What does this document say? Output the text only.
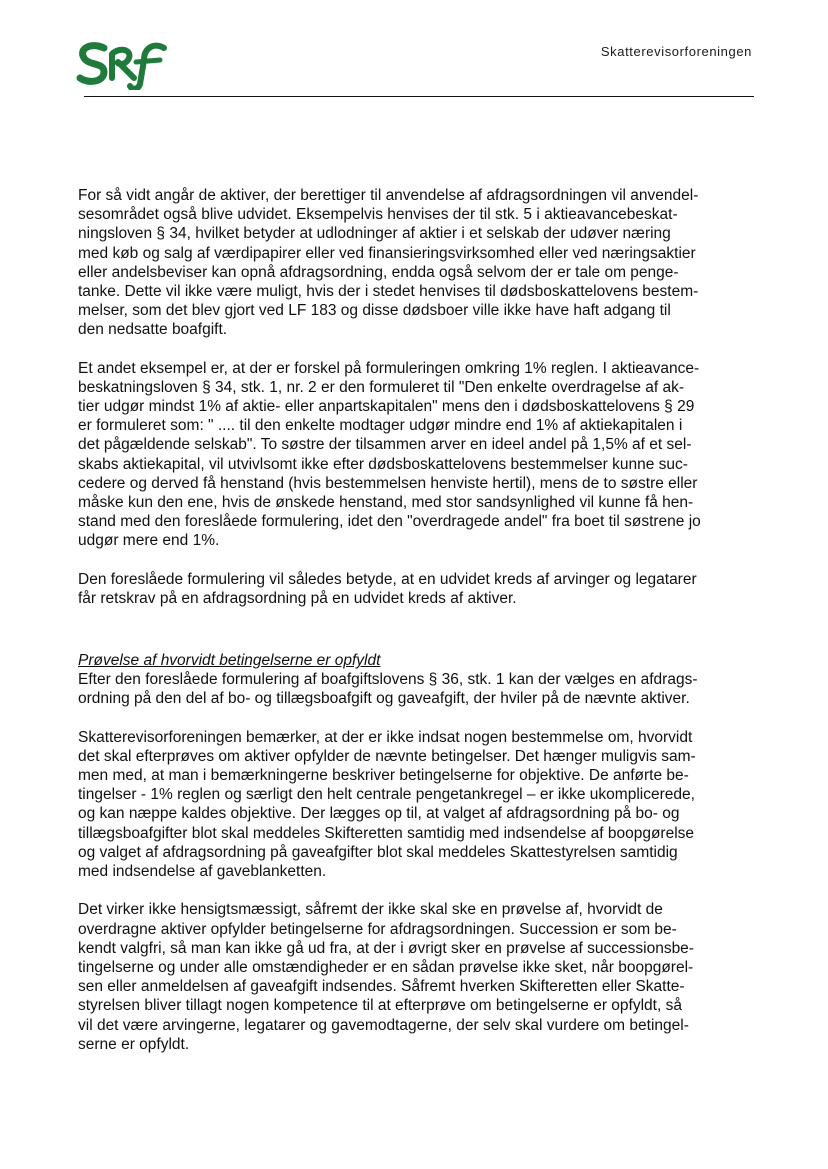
Skatterevisorforeningen

For så vidt angår de aktiver, der berettiger til anvendelse af afdragsordningen vil anvendel-
sesområdet også blive udvidet. Eksempelvis henvises der til stk. 5 i aktieavancebeskat-
ningsloven § 34, hvilket betyder at udlodninger af aktier i et selskab der udøver næring
med køb og salg af værdipapirer eller ved finansieringsvirksomhed eller ved næringsaktier
eller andelsbeviser kan opnå afdragsordning, endda også selvom der er tale om penge-
tanke. Dette vil ikke være muligt, hvis der i stedet henvises til dødsboskattelovens bestem-
melser, som det blev gjort ved LF 183 og disse dødsboer ville ikke have haft adgang til
den nedsatte boafgift.

Et andet eksempel er, at der er forskel på formuleringen omkring 1% reglen. I aktieavance-
beskatningsloven § 34, stk. 1, nr. 2 er den formuleret til "Den enkelte overdragelse af ak-
tier udgør mindst 1% af aktie- eller anpartskapitalen" mens den i dødsboskattelovens § 29
er formuleret som: " .... til den enkelte modtager udgør mindre end 1% af aktiekapitalen i
det pågældende selskab". To søstre der tilsammen arver en ideel andel på 1,5% af et sel-
skabs aktiekapital, vil utvivlsomt ikke efter dødsboskattelovens bestemmelser kunne suc-
cedere og derved få henstand (hvis bestemmelsen henviste hertil), mens de to søstre eller
måske kun den ene, hvis de ønskede henstand, med stor sandsynlighed vil kunne få hen-
stand med den foreslåede formulering, idet den "overdragede andel" fra boet til søstrene jo
udgør mere end 1%.

Den foreslåede formulering vil således betyde, at en udvidet kreds af arvinger og legatarer
får retskrav på en afdragsordning på en udvidet kreds af aktiver.

Prøvelse af hvorvidt betingelserne er opfyldt

Efter den foreslåede formulering af boafgiftslovens § 36, stk. 1 kan der vælges en afdrags-
ordning på den del af bo- og tillægsboafgift og gaveafgift, der hviler på de nævnte aktiver.

Skatterevisorforeningen bemærker, at der er ikke indsat nogen bestemmelse om, hvorvidt
det skal efterprøves om aktiver opfylder de nævnte betingelser. Det hænger muligvis sam-
men med, at man i bemærkningerne beskriver betingelserne for objektive. De anførte be-
tingelser - 1% reglen og særligt den helt centrale pengetankregel – er ikke ukomplicerede,
og kan næppe kaldes objektive. Der lægges op til, at valget af afdragsordning på bo- og
tillægsboafgifter blot skal meddeles Skifteretten samtidig med indsendelse af boopgørelse
og valget af afdragsordning på gaveafgifter blot skal meddeles Skattestyrelsen samtidig
med indsendelse af gaveblanketten.

Det virker ikke hensigtsmæssigt, såfremt der ikke skal ske en prøvelse af, hvorvidt de
overdragne aktiver opfylder betingelserne for afdragsordningen. Succession er som be-
kendt valgfri, så man kan ikke gå ud fra, at der i øvrigt sker en prøvelse af successionsbe-
tingelserne og under alle omstændigheder er en sådan prøvelse ikke sket, når boopgørel-
sen eller anmeldelsen af gaveafgift indsendes. Såfremt hverken Skifteretten eller Skatte-
styrelsen bliver tillagt nogen kompetence til at efterprøve om betingelserne er opfyldt, så
vil det være arvingerne, legatarer og gavemodtagerne, der selv skal vurdere om betingel-
serne er opfyldt.
